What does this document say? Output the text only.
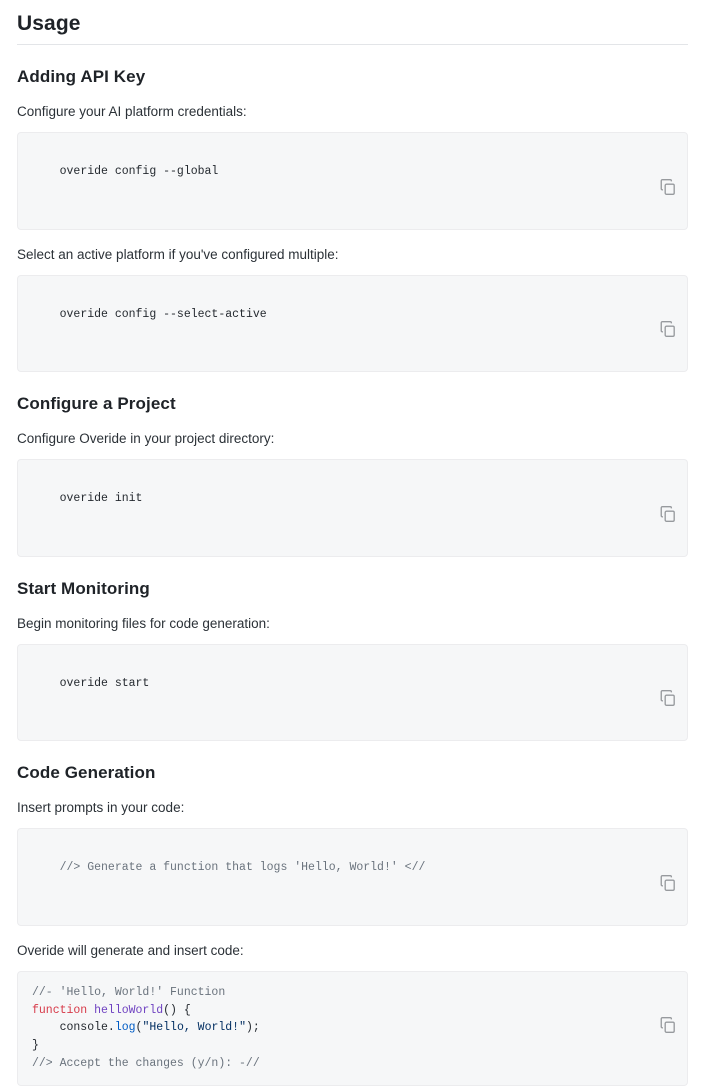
Usage
Adding API Key

Configure your AI platform credentials:

overide config --global

Select an active platform if you've configured multiple:

overide config --select-active

Configure a Project

Configure Overide in your project directory:

overide init

Start Monitoring

Begin monitoring files for code generation:

overide start

Code Generation

Insert prompts in your code:

//> Generate a function that logs 'Hello, World!' <//

Overide will generate and insert code:

//- 'Hello, World!' Function
function helloWorld() {
console.log("Hello, World!");
}
//> Accept the changes (y/n): -//
